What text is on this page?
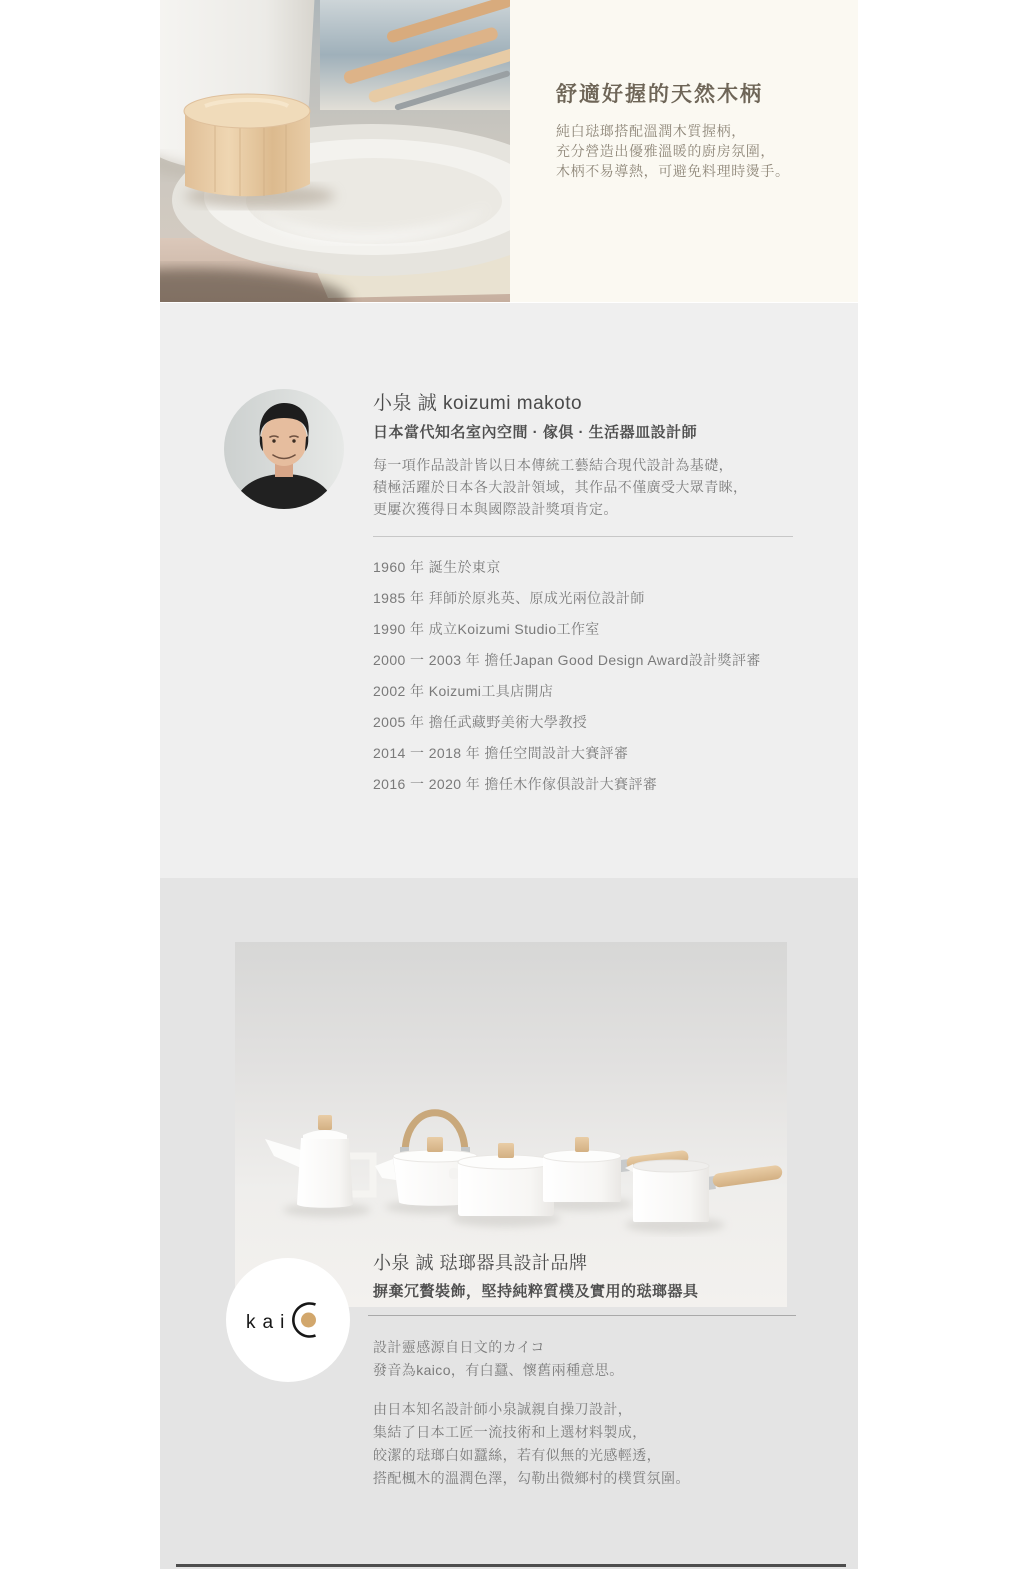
舒適好握的天然木柄

純白琺瑯搭配溫潤木質握柄，

充分營造出優雅溫暖的廚房氛圍，

木柄不易導熱，可避免料理時燙手。

小泉 誠 koizumi makoto

日本當代知名室內空間 · 傢俱 · 生活器皿設計師

每一項作品設計皆以日本傳統工藝結合現代設計為基礎，

積極活躍於日本各大設計領域，其作品不僅廣受大眾青睞，

更屢次獲得日本與國際設計獎項肯定。

1960 年 誕生於東京
1985 年 拜師於原兆英、原成光兩位設計師
1990 年 成立Koizumi Studio工作室
2000 一 2003 年 擔任Japan Good Design Award設計獎評審
2002 年 Koizumi工具店開店
2005 年 擔任武藏野美術大學教授
2014 一 2018 年 擔任空間設計大賽評審
2016 一 2020 年 擔任木作傢俱設計大賽評審
kai
小泉 誠 琺瑯器具設計品牌

摒棄冗贅裝飾，堅持純粹質樸及實用的琺瑯器具

設計靈感源自日文的カイコ

發音為kaico，有白蠶、懷舊兩種意思。

由日本知名設計師小泉誠親自操刀設計，

集結了日本工匠一流技術和上選材料製成，

皎潔的琺瑯白如蠶絲，若有似無的光感輕透，

搭配楓木的溫潤色澤，勾勒出微鄉村的樸質氛圍。
